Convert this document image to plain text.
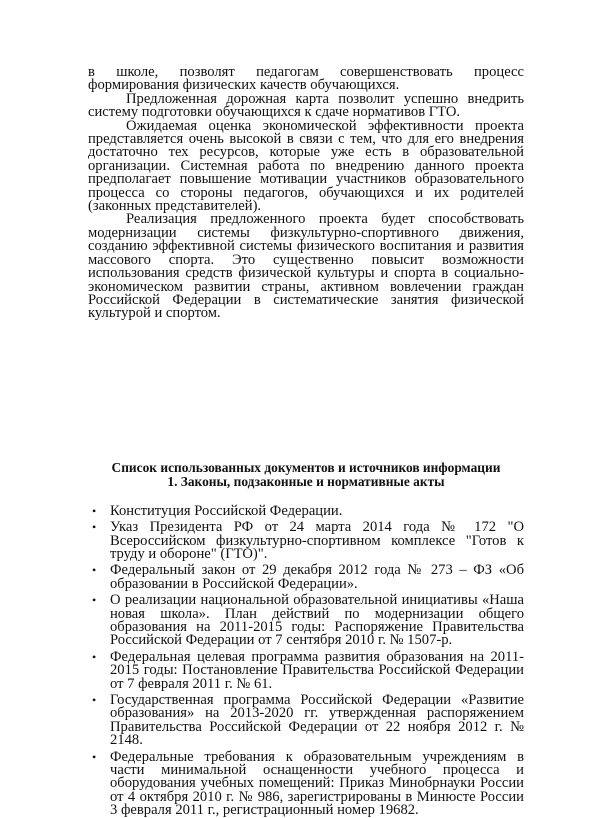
в школе, позволят педагогам совершенствовать процесс формирования физических качеств обучающихся.

Предложенная дорожная карта позволит успешно внедрить систему подготовки обучающихся к сдаче нормативов ГТО.

Ожидаемая оценка экономической эффективности проекта представляется очень высокой в связи с тем, что для его внедрения достаточно тех ресурсов, которые уже есть в образовательной организации. Системная работа по внедрению данного проекта предполагает повышение мотивации участников образовательного процесса со стороны педагогов, обучающихся и их родителей (законных представителей).

Реализация предложенного проекта будет способствовать модернизации системы физкультурно-спортивного движения, созданию эффективной системы физического воспитания и развития массового спорта. Это существенно повысит возможности использования средств физической культуры и спорта в социально-экономическом развитии страны, активном вовлечении граждан Российской Федерации в систематические занятия физической культурой и спортом.

Список использованных документов и источников информации
1. Законы, подзаконные и нормативные акты
• Конституция Российской Федерации.
• Указ Президента РФ от 24 марта 2014 года № 172 "О Всероссийском физкультурно-спортивном комплексе "Готов к труду и обороне" (ГТО)".
• Федеральный закон от 29 декабря 2012 года № 273 – ФЗ «Об образовании в Российской Федерации».
• О реализации национальной образовательной инициативы «Наша новая школа». План действий по модернизации общего образования на 2011-2015 годы: Распоряжение Правительства Российской Федерации от 7 сентября 2010 г. № 1507-р.
• Федеральная целевая программа развития образования на 2011-2015 годы: Постановление Правительства Российской Федерации от 7 февраля 2011 г. № 61.
• Государственная программа Российской Федерации «Развитие образования» на 2013-2020 гг. утвержденная распоряжением Правительства Российской Федерации от 22 ноября 2012 г. № 2148.
• Федеральные требования к образовательным учреждениям в части минимальной оснащенности учебного процесса и оборудования учебных помещений: Приказ Минобрнауки России от 4 октября 2010 г. № 986, зарегистрированы в Минюсте России 3 февраля 2011 г., регистрационный номер 19682.
